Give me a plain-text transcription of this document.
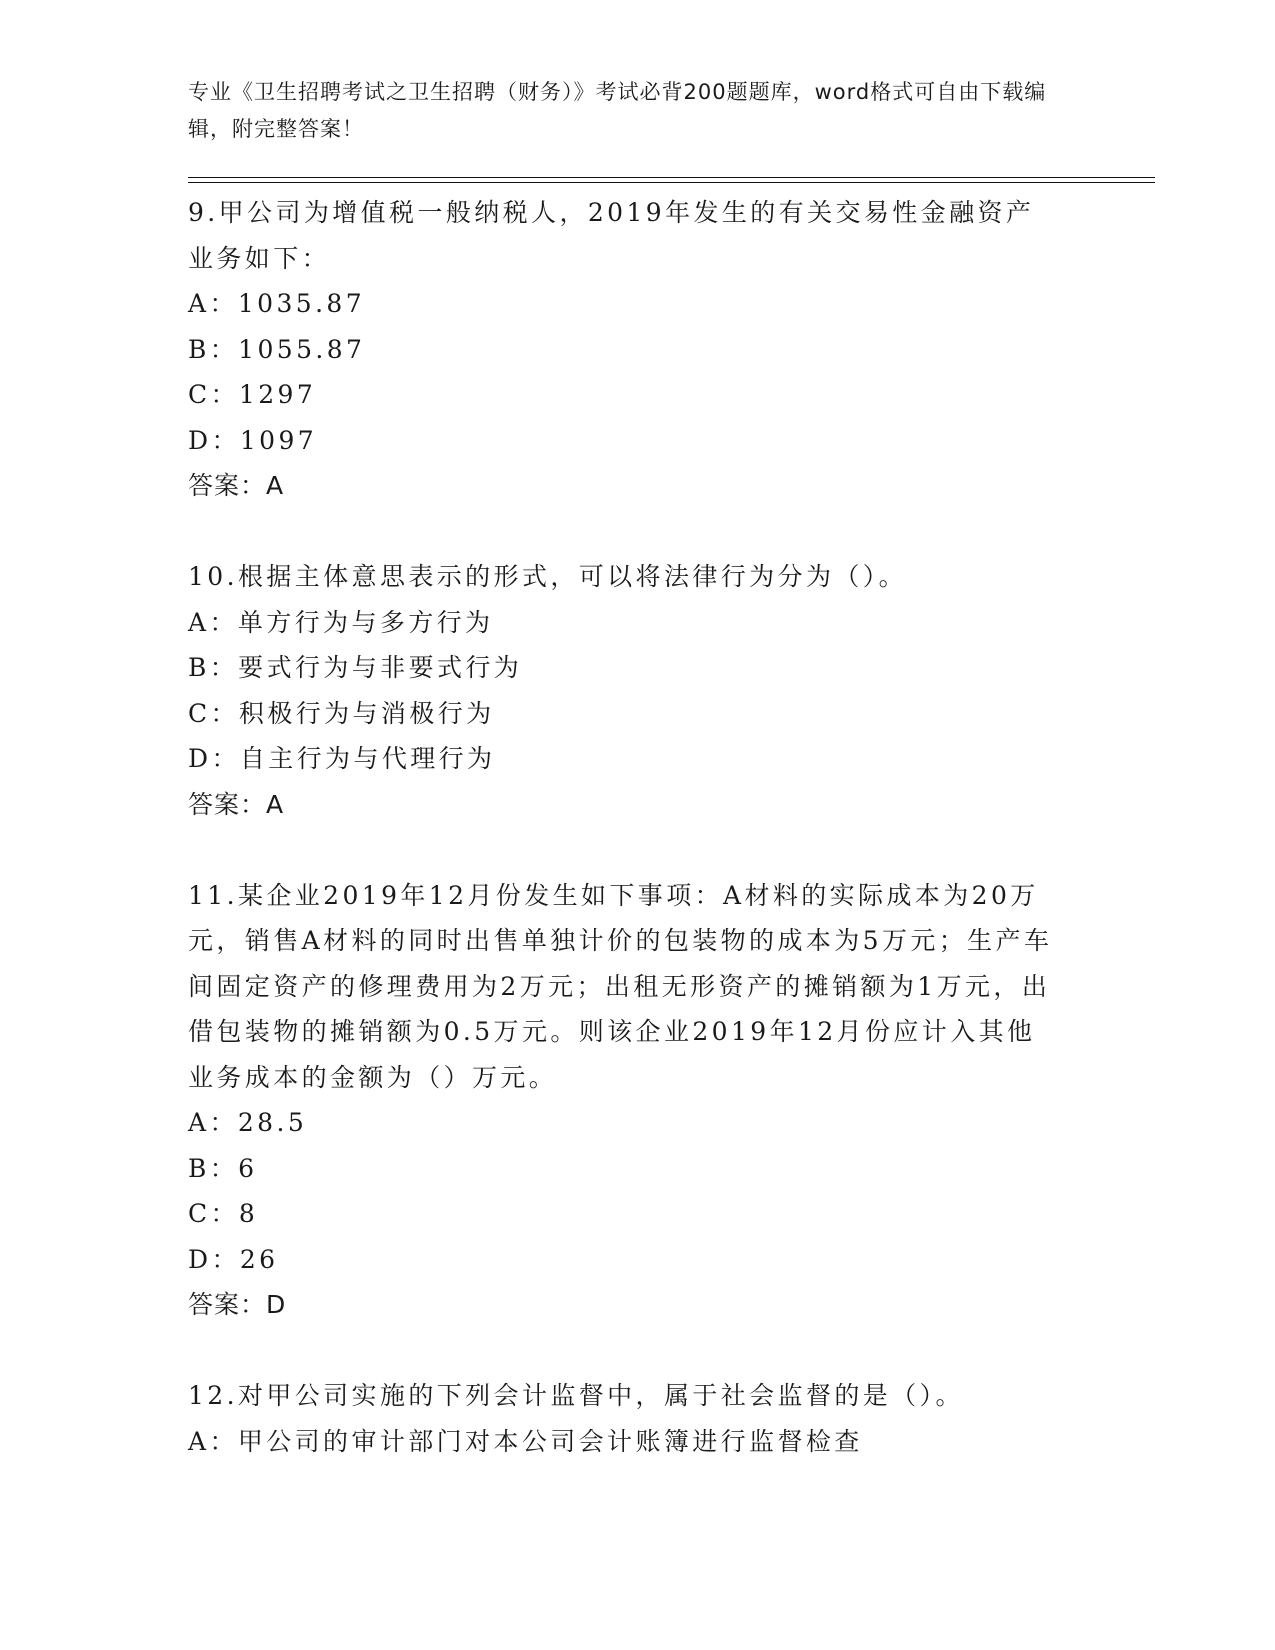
专业《卫生招聘考试之卫生招聘（财务）》考试必背200题题库，word格式可自由下载编辑，附完整答案！

9.甲公司为增值税一般纳税人，2019年发生的有关交易性金融资产业务如下：

A：1035.87

B：1055.87

C：1297

D：1097

答案：A

10.根据主体意思表示的形式，可以将法律行为分为（）。

A：单方行为与多方行为

B：要式行为与非要式行为

C：积极行为与消极行为

D：自主行为与代理行为

答案：A

11.某企业2019年12月份发生如下事项：A材料的实际成本为20万元，销售A材料的同时出售单独计价的包装物的成本为5万元；生产车间固定资产的修理费用为2万元；出租无形资产的摊销额为1万元，出借包装物的摊销额为0.5万元。则该企业2019年12月份应计入其他业务成本的金额为（）万元。

A：28.5

B：6

C：8

D：26

答案：D

12.对甲公司实施的下列会计监督中，属于社会监督的是（）。

A：甲公司的审计部门对本公司会计账簿进行监督检查
